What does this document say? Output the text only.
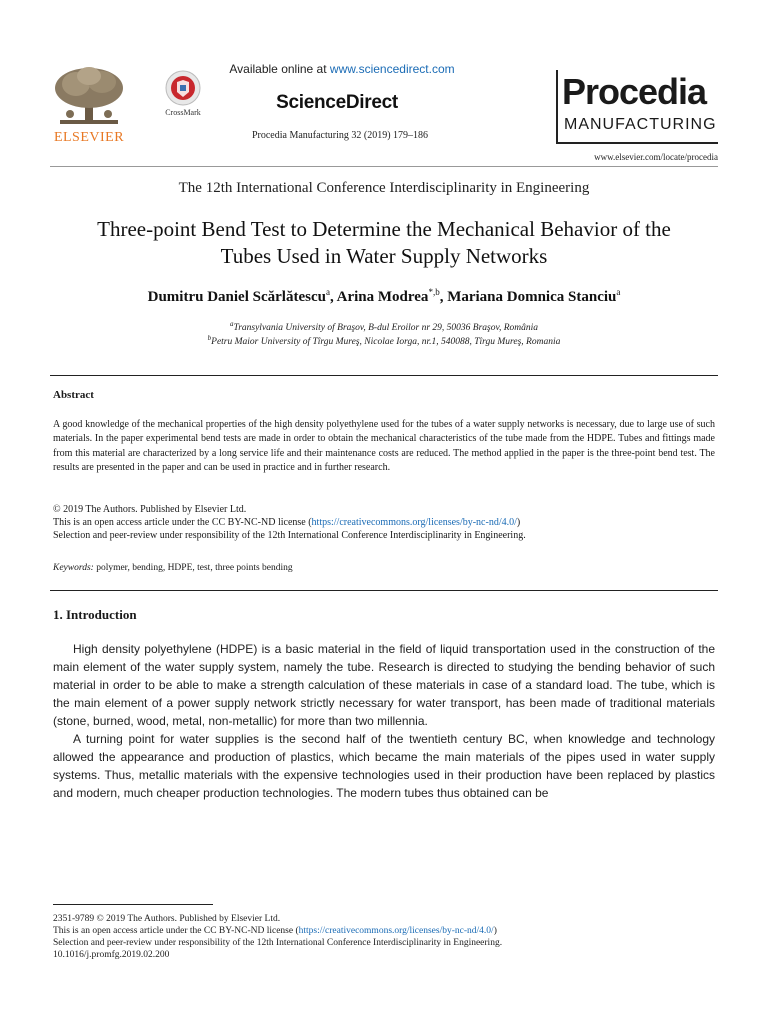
ELSEVIER
CrossMark
Available online at www.sciencedirect.com
ScienceDirect
Procedia Manufacturing 32 (2019) 179–186
Procedia
MANUFACTURING
www.elsevier.com/locate/procedia
The 12th International Conference Interdisciplinarity in Engineering
Three-point Bend Test to Determine the Mechanical Behavior of the
Tubes Used in Water Supply Networks
Dumitru Daniel Scărlătescu$^a$, Arina Modrea$^{*,b}$, Mariana Domnica Stanciu$^a$
$^a$Transylvania University of Braşov, B-dul Eroilor nr 29, 50036 Braşov, România
$^b$Petru Maior University of Tîrgu Mureş, Nicolae Iorga, nr.1, 540088, Tîrgu Mureş, Romania
Abstract
A good knowledge of the mechanical properties of the high density polyethylene used for the tubes of a water supply networks is necessary, due to large use of such materials. In the paper experimental bend tests are made in order to obtain the mechanical characteristics of the tube made from the HDPE. Tubes and fittings made from this material are characterized by a long service life and their maintenance costs are reduced. The method applied in the paper is the three-point bend test. The results are presented in the paper and can be used in practice and in further research.
© 2019 The Authors. Published by Elsevier Ltd.
This is an open access article under the CC BY-NC-ND license (https://creativecommons.org/licenses/by-nc-nd/4.0/)
Selection and peer-review under responsibility of the 12th International Conference Interdisciplinarity in Engineering.
Keywords: polymer, bending, HDPE, test, three points bending
1. Introduction

High density polyethylene (HDPE) is a basic material in the field of liquid transportation used in the construction of the main element of the water supply system, namely the tube. Research is directed to studying the bending behavior of such material in order to be able to make a strength calculation of these materials in case of a standard load. The tube, which is the main element of a power supply network strictly necessary for water transport, has been made of traditional materials (stone, burned, wood, metal, non-metallic) for more than two millennia.

A turning point for water supplies is the second half of the twentieth century BC, when knowledge and technology allowed the appearance and production of plastics, which became the main materials of the pipes used in water supply systems. Thus, metallic materials with the expensive technologies used in their production have been replaced by plastics and modern, much cheaper production technologies. The modern tubes thus obtained can be

2351-9789 © 2019 The Authors. Published by Elsevier Ltd.
This is an open access article under the CC BY-NC-ND license (https://creativecommons.org/licenses/by-nc-nd/4.0/)
Selection and peer-review under responsibility of the 12th International Conference Interdisciplinarity in Engineering.
10.1016/j.promfg.2019.02.200
